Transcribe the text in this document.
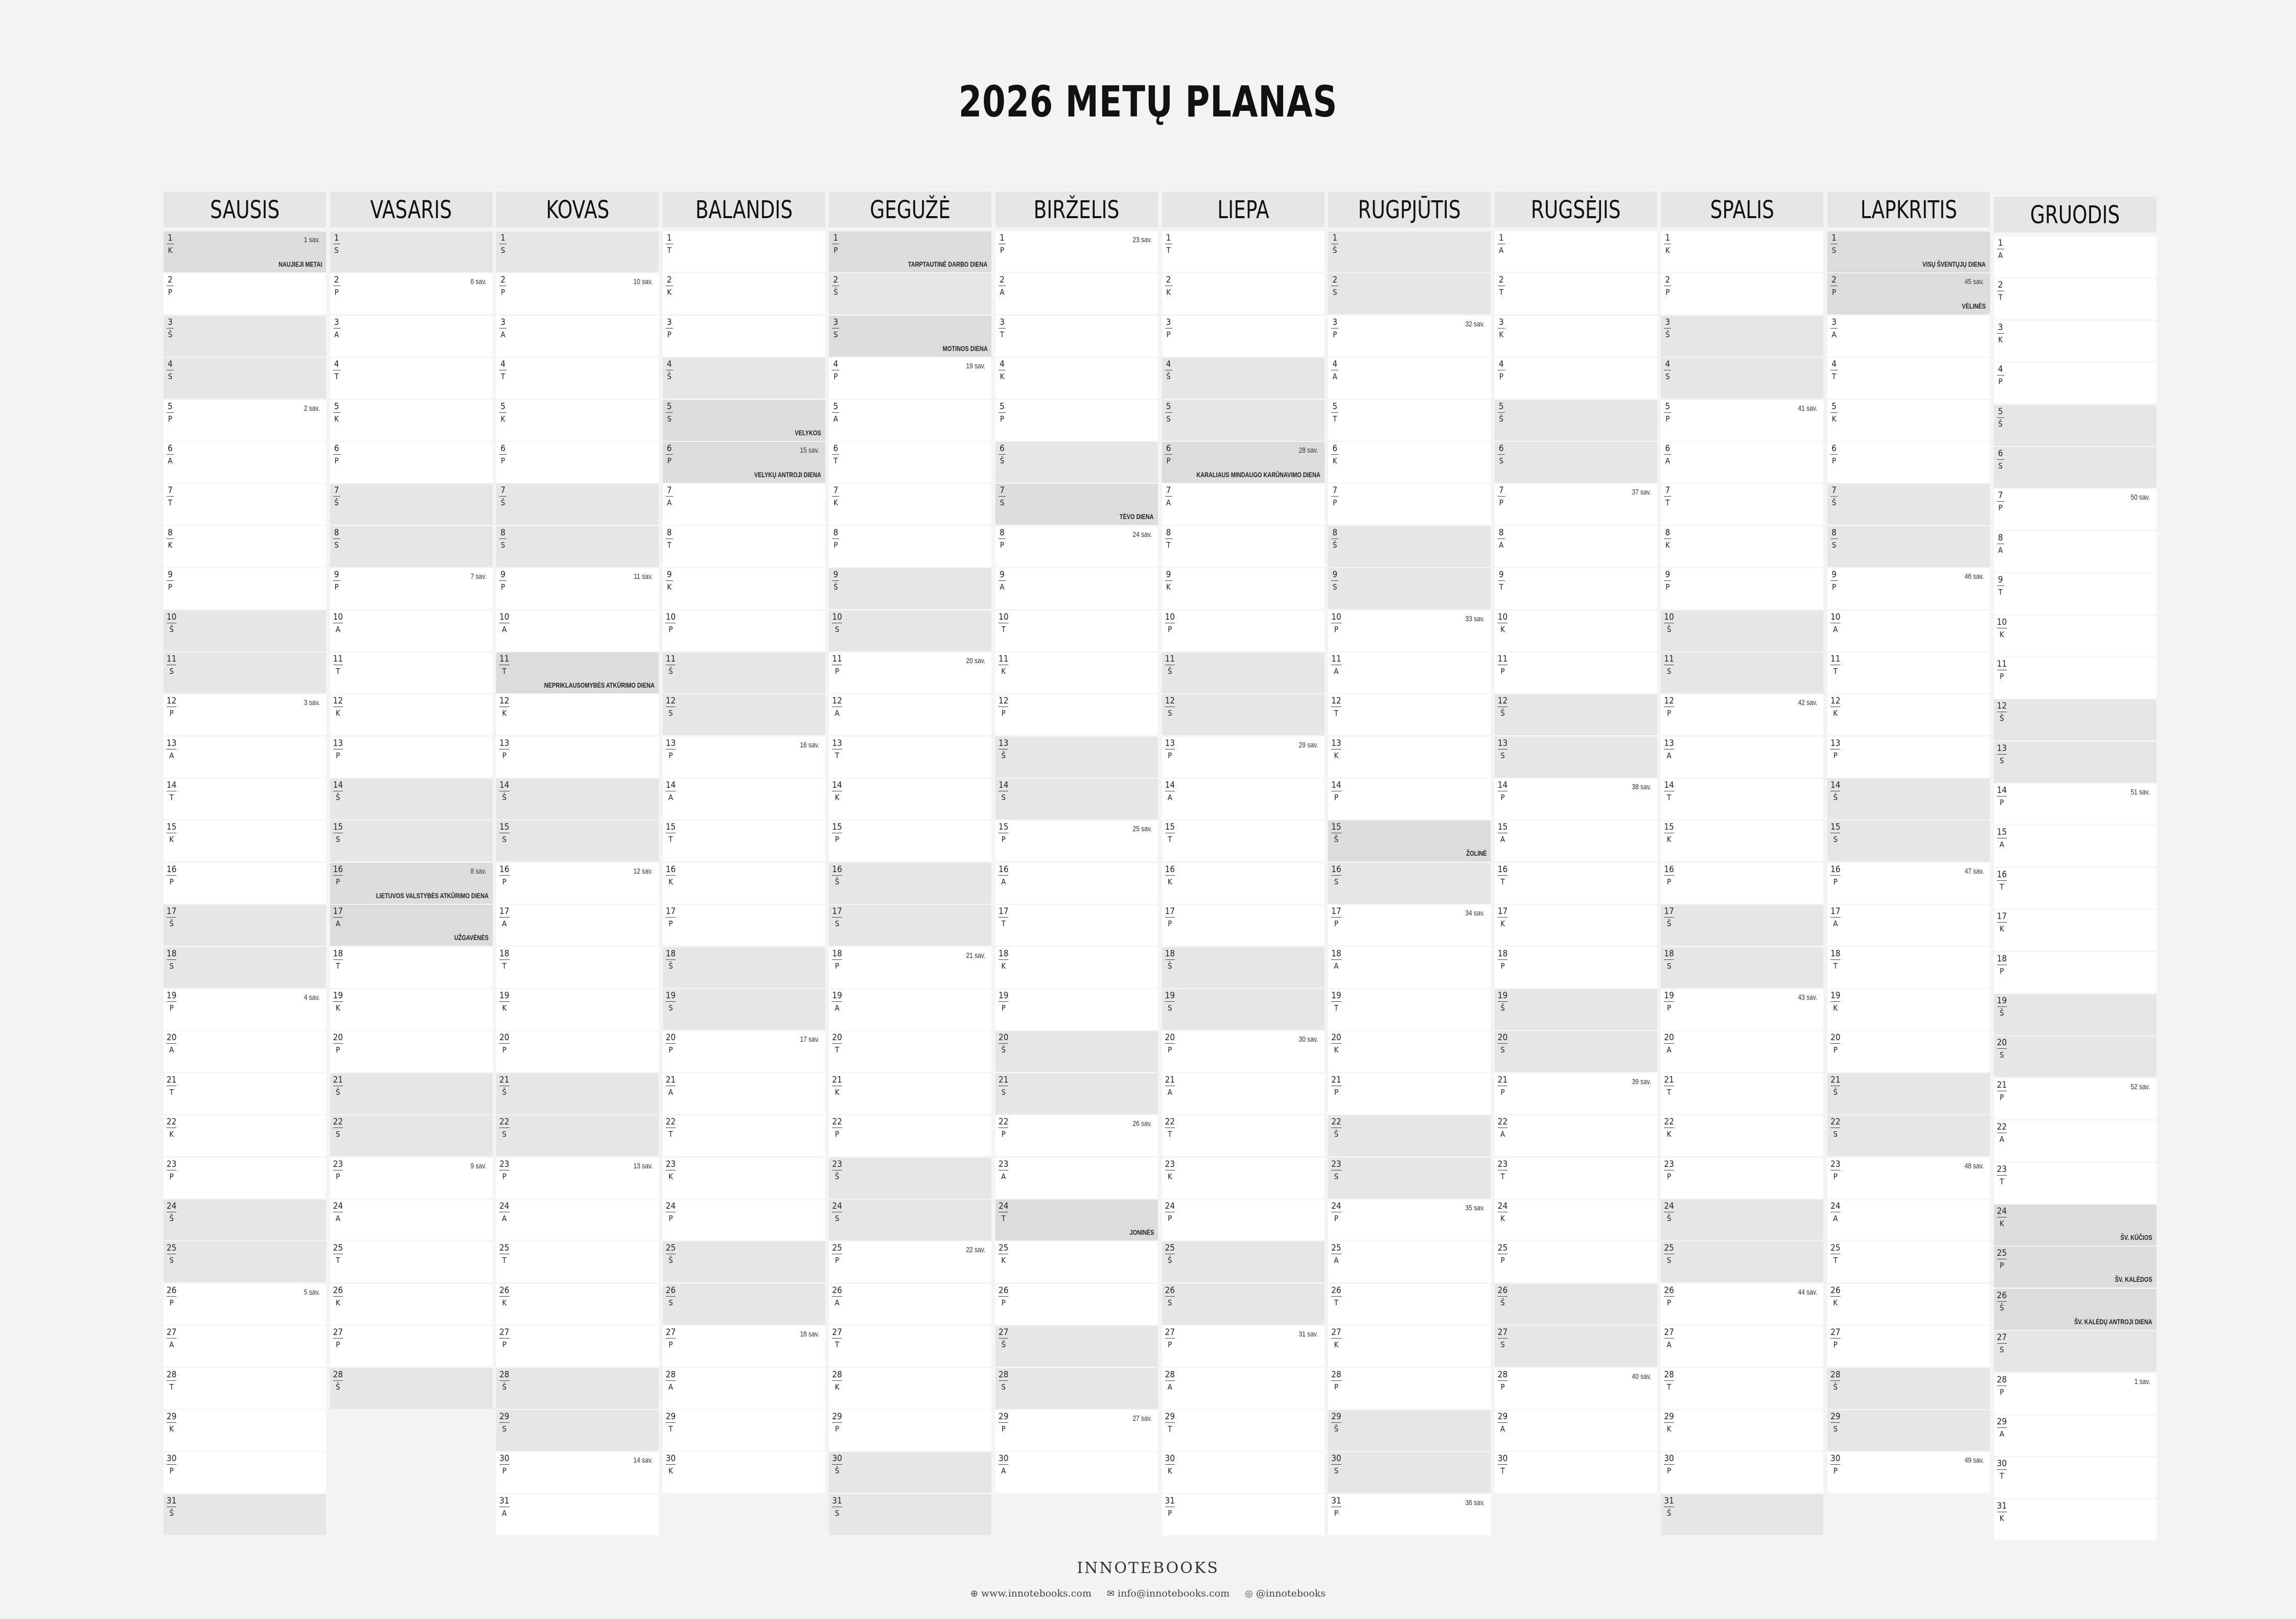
2026 METŲ PLANAS
SAUSIS
1
K
1 sav.
NAUJIEJI METAI
2
P
3
Š
4
S
5
P
2 sav.
6
A
7
T
8
K
9
P
10
Š
11
S
12
P
3 sav.
13
A
14
T
15
K
16
P
17
Š
18
S
19
P
4 sav.
20
A
21
T
22
K
23
P
24
Š
25
S
26
P
5 sav.
27
A
28
T
29
K
30
P
31
Š
VASARIS
1
S
2
P
6 sav.
3
A
4
T
5
K
6
P
7
Š
8
S
9
P
7 sav.
10
A
11
T
12
K
13
P
14
Š
15
S
16
P
8 sav.
LIETUVOS VALSTYBĖS ATKŪRIMO DIENA
17
A
UŽGAVĖNĖS
18
T
19
K
20
P
21
Š
22
S
23
P
9 sav.
24
A
25
T
26
K
27
P
28
Š
KOVAS
1
S
2
P
10 sav.
3
A
4
T
5
K
6
P
7
Š
8
S
9
P
11 sav.
10
A
11
T
NEPRIKLAUSOMYBĖS ATKŪRIMO DIENA
12
K
13
P
14
Š
15
S
16
P
12 sav.
17
A
18
T
19
K
20
P
21
Š
22
S
23
P
13 sav.
24
A
25
T
26
K
27
P
28
Š
29
S
30
P
14 sav.
31
A
BALANDIS
1
T
2
K
3
P
4
Š
5
S
VELYKOS
6
P
15 sav.
VELYKŲ ANTROJI DIENA
7
A
8
T
9
K
10
P
11
Š
12
S
13
P
16 sav.
14
A
15
T
16
K
17
P
18
Š
19
S
20
P
17 sav.
21
A
22
T
23
K
24
P
25
Š
26
S
27
P
18 sav.
28
A
29
T
30
K
GEGUŽĖ
1
P
TARPTAUTINĖ DARBO DIENA
2
Š
3
S
MOTINOS DIENA
4
P
19 sav.
5
A
6
T
7
K
8
P
9
Š
10
S
11
P
20 sav.
12
A
13
T
14
K
15
P
16
Š
17
S
18
P
21 sav.
19
A
20
T
21
K
22
P
23
Š
24
S
25
P
22 sav.
26
A
27
T
28
K
29
P
30
Š
31
S
BIRŽELIS
1
P
23 sav.
2
A
3
T
4
K
5
P
6
Š
7
S
TĖVO DIENA
8
P
24 sav.
9
A
10
T
11
K
12
P
13
Š
14
S
15
P
25 sav.
16
A
17
T
18
K
19
P
20
Š
21
S
22
P
26 sav.
23
A
24
T
JONINĖS
25
K
26
P
27
Š
28
S
29
P
27 sav.
30
A
LIEPA
1
T
2
K
3
P
4
Š
5
S
6
P
28 sav.
KARALIAUS MINDAUGO KARŪNAVIMO DIENA
7
A
8
T
9
K
10
P
11
Š
12
S
13
P
29 sav.
14
A
15
T
16
K
17
P
18
Š
19
S
20
P
30 sav.
21
A
22
T
23
K
24
P
25
Š
26
S
27
P
31 sav.
28
A
29
T
30
K
31
P
RUGPJŪTIS
1
Š
2
S
3
P
32 sav.
4
A
5
T
6
K
7
P
8
Š
9
S
10
P
33 sav.
11
A
12
T
13
K
14
P
15
Š
ŽOLINĖ
16
S
17
P
34 sav.
18
A
19
T
20
K
21
P
22
Š
23
S
24
P
35 sav.
25
A
26
T
27
K
28
P
29
Š
30
S
31
P
36 sav.
RUGSĖJIS
1
A
2
T
3
K
4
P
5
Š
6
S
7
P
37 sav.
8
A
9
T
10
K
11
P
12
Š
13
S
14
P
38 sav.
15
A
16
T
17
K
18
P
19
Š
20
S
21
P
39 sav.
22
A
23
T
24
K
25
P
26
Š
27
S
28
P
40 sav.
29
A
30
T
SPALIS
1
K
2
P
3
Š
4
S
5
P
41 sav.
6
A
7
T
8
K
9
P
10
Š
11
S
12
P
42 sav.
13
A
14
T
15
K
16
P
17
Š
18
S
19
P
43 sav.
20
A
21
T
22
K
23
P
24
Š
25
S
26
P
44 sav.
27
A
28
T
29
K
30
P
31
Š
LAPKRITIS
1
S
VISŲ ŠVENTŲJŲ DIENA
2
P
45 sav.
VĖLINĖS
3
A
4
T
5
K
6
P
7
Š
8
S
9
P
46 sav.
10
A
11
T
12
K
13
P
14
Š
15
S
16
P
47 sav.
17
A
18
T
19
K
20
P
21
Š
22
S
23
P
48 sav.
24
A
25
T
26
K
27
P
28
Š
29
S
30
P
49 sav.
GRUODIS
1
A
2
T
3
K
4
P
5
Š
6
S
7
P
50 sav.
8
A
9
T
10
K
11
P
12
Š
13
S
14
P
51 sav.
15
A
16
T
17
K
18
P
19
Š
20
S
21
P
52 sav.
22
A
23
T
24
K
ŠV. KŪČIOS
25
P
ŠV. KALĖDOS
26
Š
ŠV. KALĖDŲ ANTROJI DIENA
27
S
28
P
1 sav.
29
A
30
T
31
K
INNOTEBOOKS
⊕ www.innotebooks.com ✉ info@innotebooks.com ◎ @innotebooks
